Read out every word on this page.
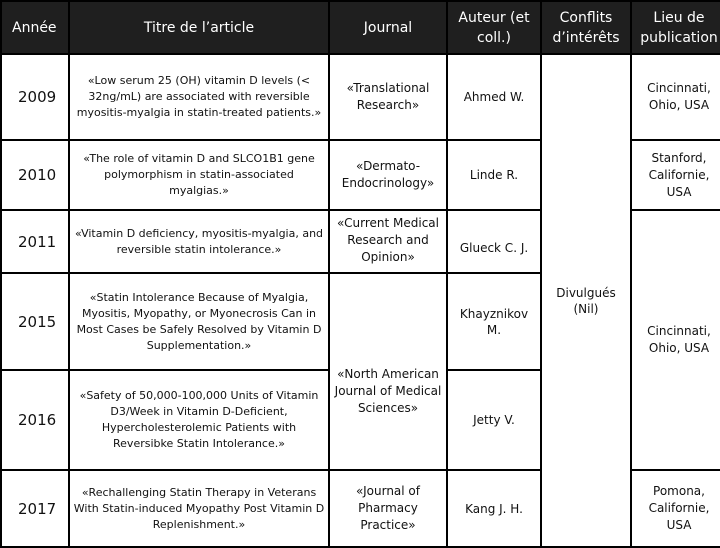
Année	Titre de l’article	Journal	Auteur (et coll.)	Conflits d’intérêts	Lieu de publication
2009	«Low serum 25 (OH) vitamin D levels (< 32ng/mL) are associated with reversible myositis-myalgia in statin-treated patients.»	«Translational Research»	Ahmed W.	Divulgués (Nil)	Cincinnati, Ohio, USA
2010	«The role of vitamin D and SLCO1B1 gene polymorphism in statin-associated myalgias.»	«Dermato-Endocrinology»	Linde R.		Stanford, Californie, USA
2011	«Vitamin D deficiency, myositis-myalgia, and reversible statin intolerance.»	«Current Medical Research and Opinion»	Glueck C. J.		Cincinnati, Ohio, USA
2015	«Statin Intolerance Because of Myalgia, Myositis, Myopathy, or Myonecrosis Can in Most Cases be Safely Resolved by Vitamin D Supplementation.»	«North American Journal of Medical Sciences»	Khayznikov M.		
2016	«Safety of 50,000-100,000 Units of Vitamin D3/Week in Vitamin D-Deficient, Hypercholesterolemic Patients with Reversibke Statin Intolerance.»		Jetty V.		
2017	«Rechallenging Statin Therapy in Veterans With Statin-induced Myopathy Post Vitamin D Replenishment.»	«Journal of Pharmacy Practice»	Kang J. H.		Pomona, Californie, USA
